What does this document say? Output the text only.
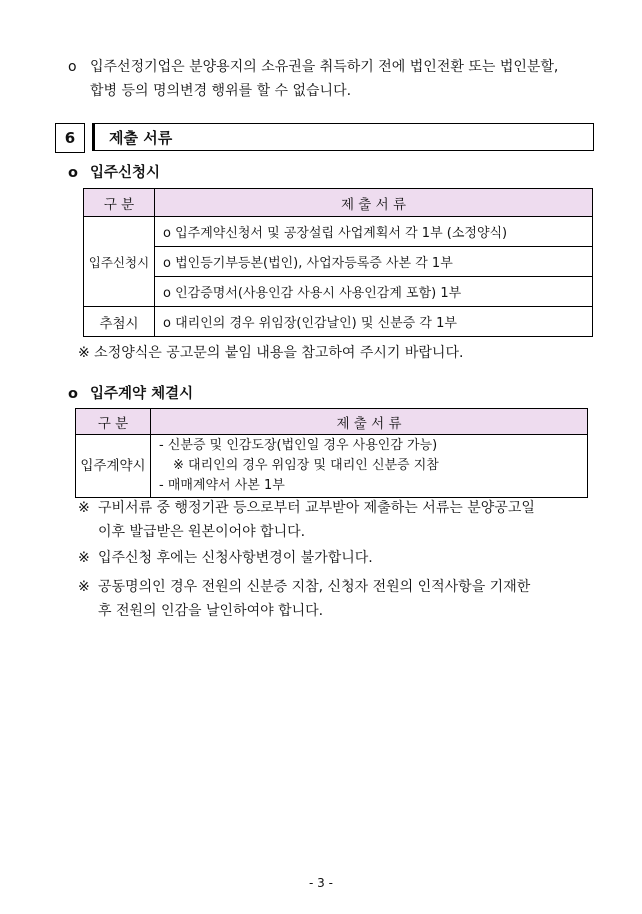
o 입주선정기업은 분양용지의 소유권을 취득하기 전에 법인전환 또는 법인분할,
합병 등의 명의변경 행위를 할 수 없습니다.
6	제출 서류
o 입주신청시
구 분	제 출 서 류
입주신청시	o 입주계약신청서 및 공장설립 사업계획서 각 1부 (소정양식)
	o 법인등기부등본(법인), 사업자등록증 사본 각 1부
	o 인감증명서(사용인감 사용시 사용인감계 포함) 1부
추첨시	o 대리인의 경우 위임장(인감날인) 및 신분증 각 1부
※ 소정양식은 공고문의 붙임 내용을 참고하여 주시기 바랍니다.
o 입주계약 체결시
구 분	제 출 서 류
입주계약시	- 신분증 및 인감도장(법인일 경우 사용인감 가능)
※ 대리인의 경우 위임장 및 대리인 신분증 지참
- 매매계약서 사본 1부
※ 구비서류 중 행정기관 등으로부터 교부받아 제출하는 서류는 분양공고일
이후 발급받은 원본이어야 합니다.
※ 입주신청 후에는 신청사항변경이 불가합니다.
※ 공동명의인 경우 전원의 신분증 지참, 신청자 전원의 인적사항을 기재한
후 전원의 인감을 날인하여야 합니다.
- 3 -
